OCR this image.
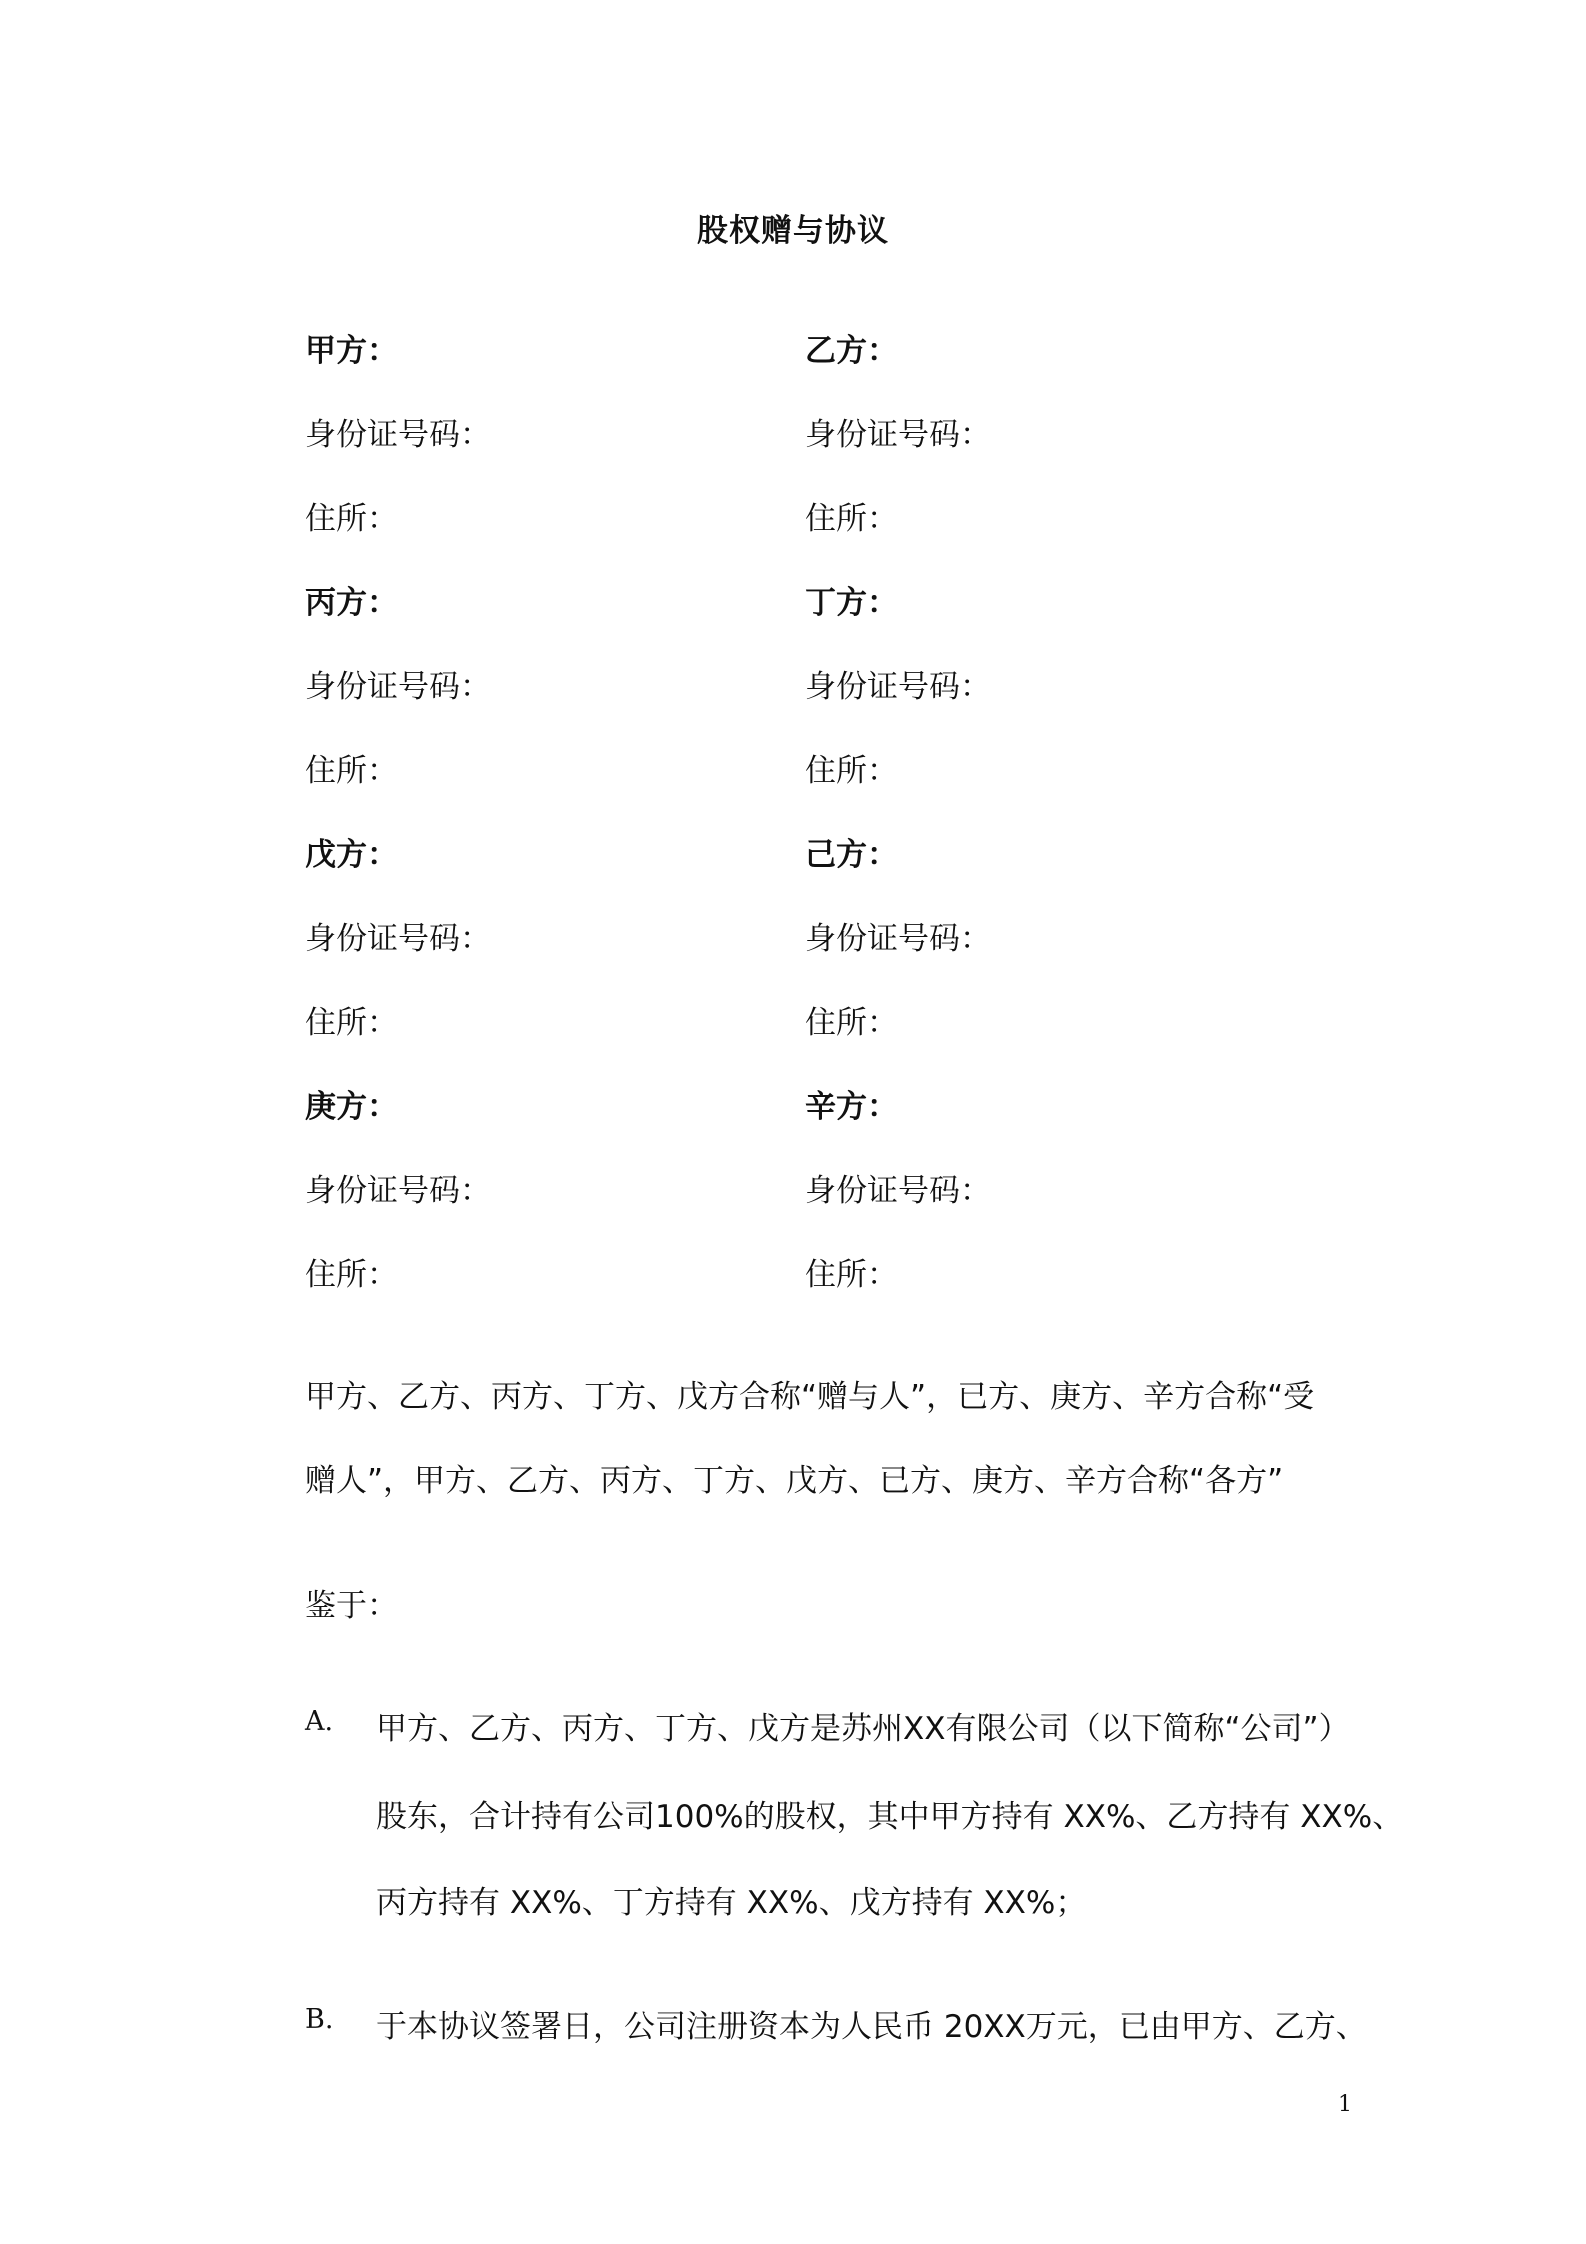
股权赠与协议
甲方：	乙方：
身份证号码：	身份证号码：
住所：	住所：
丙方：	丁方：
身份证号码：	身份证号码：
住所：	住所：
戊方：	己方：
身份证号码：	身份证号码：
住所：	住所：
庚方：	辛方：
身份证号码：	身份证号码：
住所：	住所：
甲方、乙方、丙方、丁方、戊方合称“赠与人”，已方、庚方、辛方合称“受
赠人”，甲方、乙方、丙方、丁方、戊方、已方、庚方、辛方合称“各方”
鉴于：
A. 甲方、乙方、丙方、丁方、戊方是苏州XX有限公司（以下简称“公司”）
股东，合计持有公司100%的股权，其中甲方持有 XX%、乙方持有 XX%、
丙方持有 XX%、丁方持有 XX%、戊方持有 XX%；
B. 于本协议签署日，公司注册资本为人民币 20XX万元，已由甲方、乙方、
1
